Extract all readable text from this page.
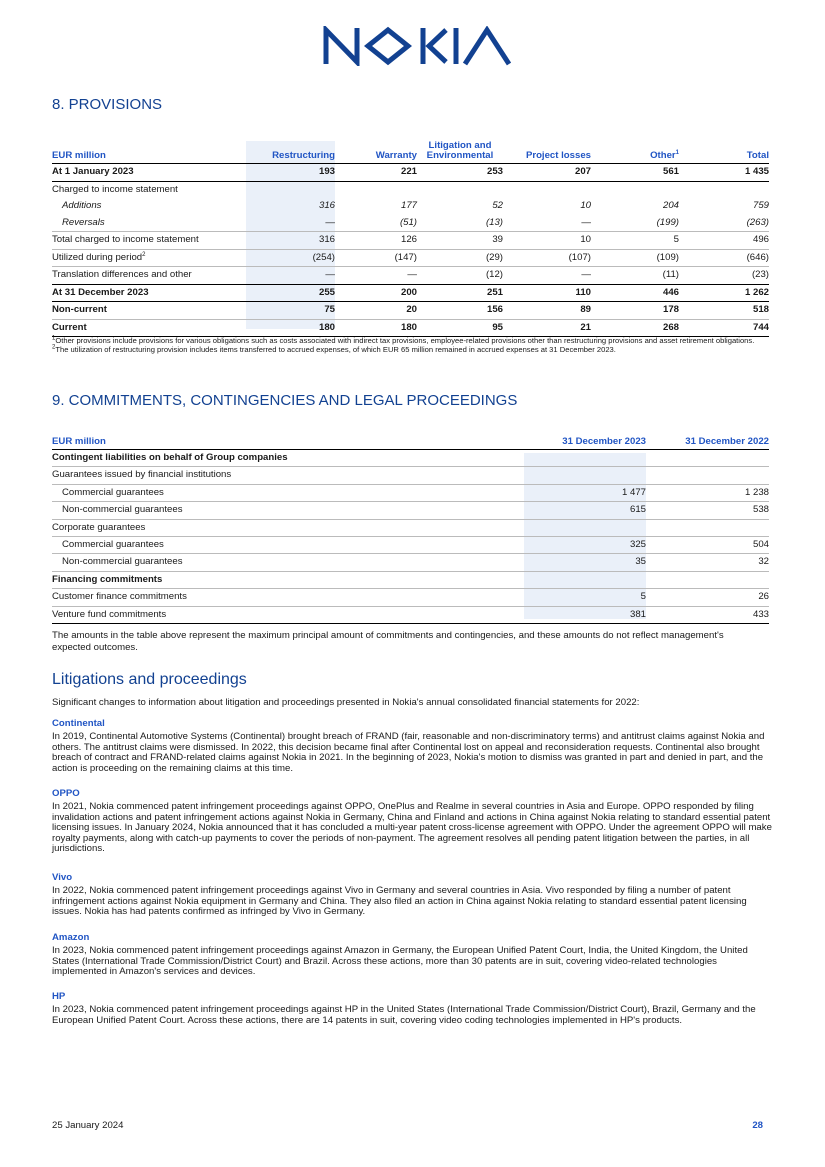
8. PROVISIONS
EUR million	Restructuring	Warranty	Litigation and
Environmental	Project losses	Other$^1$	Total
At 1 January 2023	193	221	253	207	561	1 435
Charged to income statement						
Additions	316	177	52	10	204	759
Reversals	—	(51)	(13)	—	(199)	(263)
Total charged to income statement	316	126	39	10	5	496
Utilized during period$^2$	(254)	(147)	(29)	(107)	(109)	(646)
Translation differences and other	—	—	(12)	—	(11)	(23)
At 31 December 2023	255	200	251	110	446	1 262
Non-current	75	20	156	89	178	518
Current	180	180	95	21	268	744

$^1$Other provisions include provisions for various obligations such as costs associated with indirect tax provisions, employee-related provisions other than restructuring provisions and asset retirement obligations.

$^2$The utilization of restructuring provision includes items transferred to accrued expenses, of which EUR 65 million remained in accrued expenses at 31 December 2023.

9. COMMITMENTS, CONTINGENCIES AND LEGAL PROCEEDINGS
EUR million	31 December 2023	31 December 2022
Contingent liabilities on behalf of Group companies		
Guarantees issued by financial institutions		
Commercial guarantees	1 477	1 238
Non-commercial guarantees	615	538
Corporate guarantees		
Commercial guarantees	325	504
Non-commercial guarantees	35	32
Financing commitments		
Customer finance commitments	5	26
Venture fund commitments	381	433
The amounts in the table above represent the maximum principal amount of commitments and contingencies, and these amounts do not reflect management's expected outcomes.
Litigations and proceedings
Significant changes to information about litigation and proceedings presented in Nokia's annual consolidated financial statements for 2022:
Continental

In 2019, Continental Automotive Systems (Continental) brought breach of FRAND (fair, reasonable and non-discriminatory terms) and antitrust claims against Nokia and others. The antitrust claims were dismissed. In 2022, this decision became final after Continental lost on appeal and reconsideration requests. Continental also brought breach of contract and FRAND-related claims against Nokia in 2021. In the beginning of 2023, Nokia's motion to dismiss was granted in part and denied in part, and the action is proceeding on the remaining claims at this time.

OPPO

In 2021, Nokia commenced patent infringement proceedings against OPPO, OnePlus and Realme in several countries in Asia and Europe. OPPO responded by filing invalidation actions and patent infringement actions against Nokia in Germany, China and Finland and actions in China against Nokia relating to standard essential patent licensing issues. In January 2024, Nokia announced that it has concluded a multi-year patent cross-license agreement with OPPO. Under the agreement OPPO will make royalty payments, along with catch-up payments to cover the periods of non-payment. The agreement resolves all pending patent litigation between the parties, in all jurisdictions.

Vivo

In 2022, Nokia commenced patent infringement proceedings against Vivo in Germany and several countries in Asia. Vivo responded by filing a number of patent infringement actions against Nokia equipment in Germany and China. They also filed an action in China against Nokia relating to standard essential patent licensing issues. Nokia has had patents confirmed as infringed by Vivo in Germany.

Amazon

In 2023, Nokia commenced patent infringement proceedings against Amazon in Germany, the European Unified Patent Court, India, the United Kingdom, the United States (International Trade Commission/District Court) and Brazil. Across these actions, more than 30 patents are in suit, covering video-related technologies implemented in Amazon's services and devices.

HP

In 2023, Nokia commenced patent infringement proceedings against HP in the United States (International Trade Commission/District Court), Brazil, Germany and the European Unified Patent Court. Across these actions, there are 14 patents in suit, covering video coding technologies implemented in HP's products.

25 January 2024	28
